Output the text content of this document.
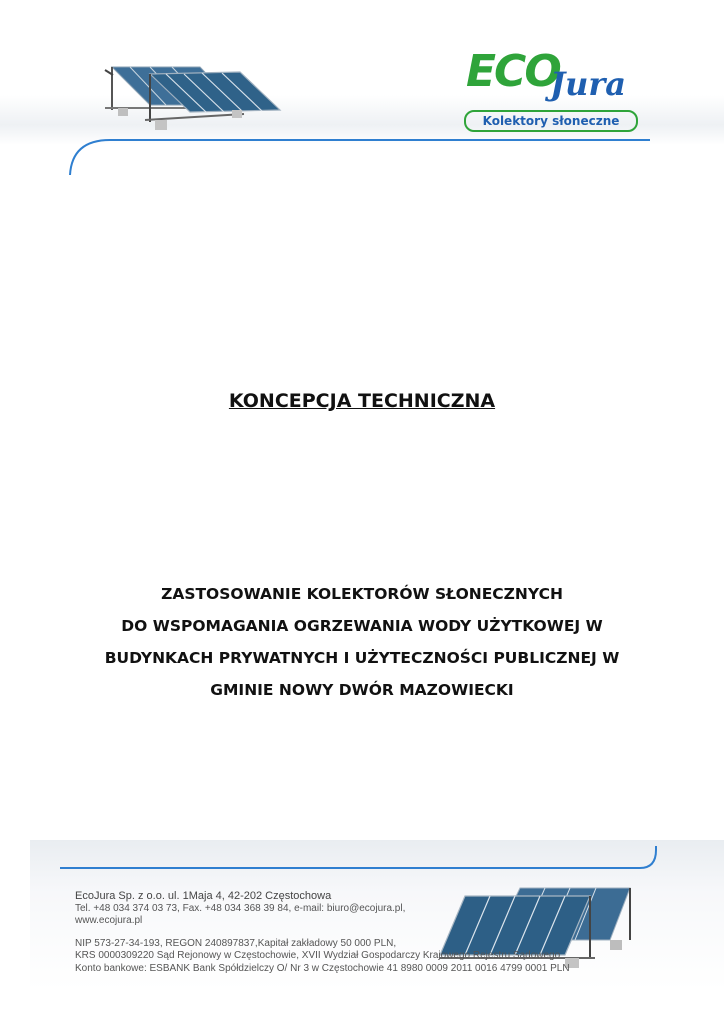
ECO
Jura
Kolektory słoneczne
KONCEPCJA TECHNICZNA
ZASTOSOWANIE KOLEKTORÓW SŁONECZNYCH
DO WSPOMAGANIA OGRZEWANIA WODY UŻYTKOWEJ W
BUDYNKACH PRYWATNYCH I UŻYTECZNOŚCI PUBLICZNEJ W
GMINIE NOWY DWÓR MAZOWIECKI
EcoJura Sp. z o.o. ul. 1Maja 4, 42-202 Częstochowa
Tel. +48 034 374 03 73, Fax. +48 034 368 39 84, e-mail: biuro@ecojura.pl,
www.ecojura.pl
NIP 573-27-34-193, REGON 240897837,Kapitał zakładowy 50 000 PLN,
KRS 0000309220 Sąd Rejonowy w Częstochowie, XVII Wydział Gospodarczy Krajowego Rejestru Sądowego
Konto bankowe: ESBANK Bank Spółdzielczy O/ Nr 3 w Częstochowie 41 8980 0009 2011 0016 4799 0001 PLN
